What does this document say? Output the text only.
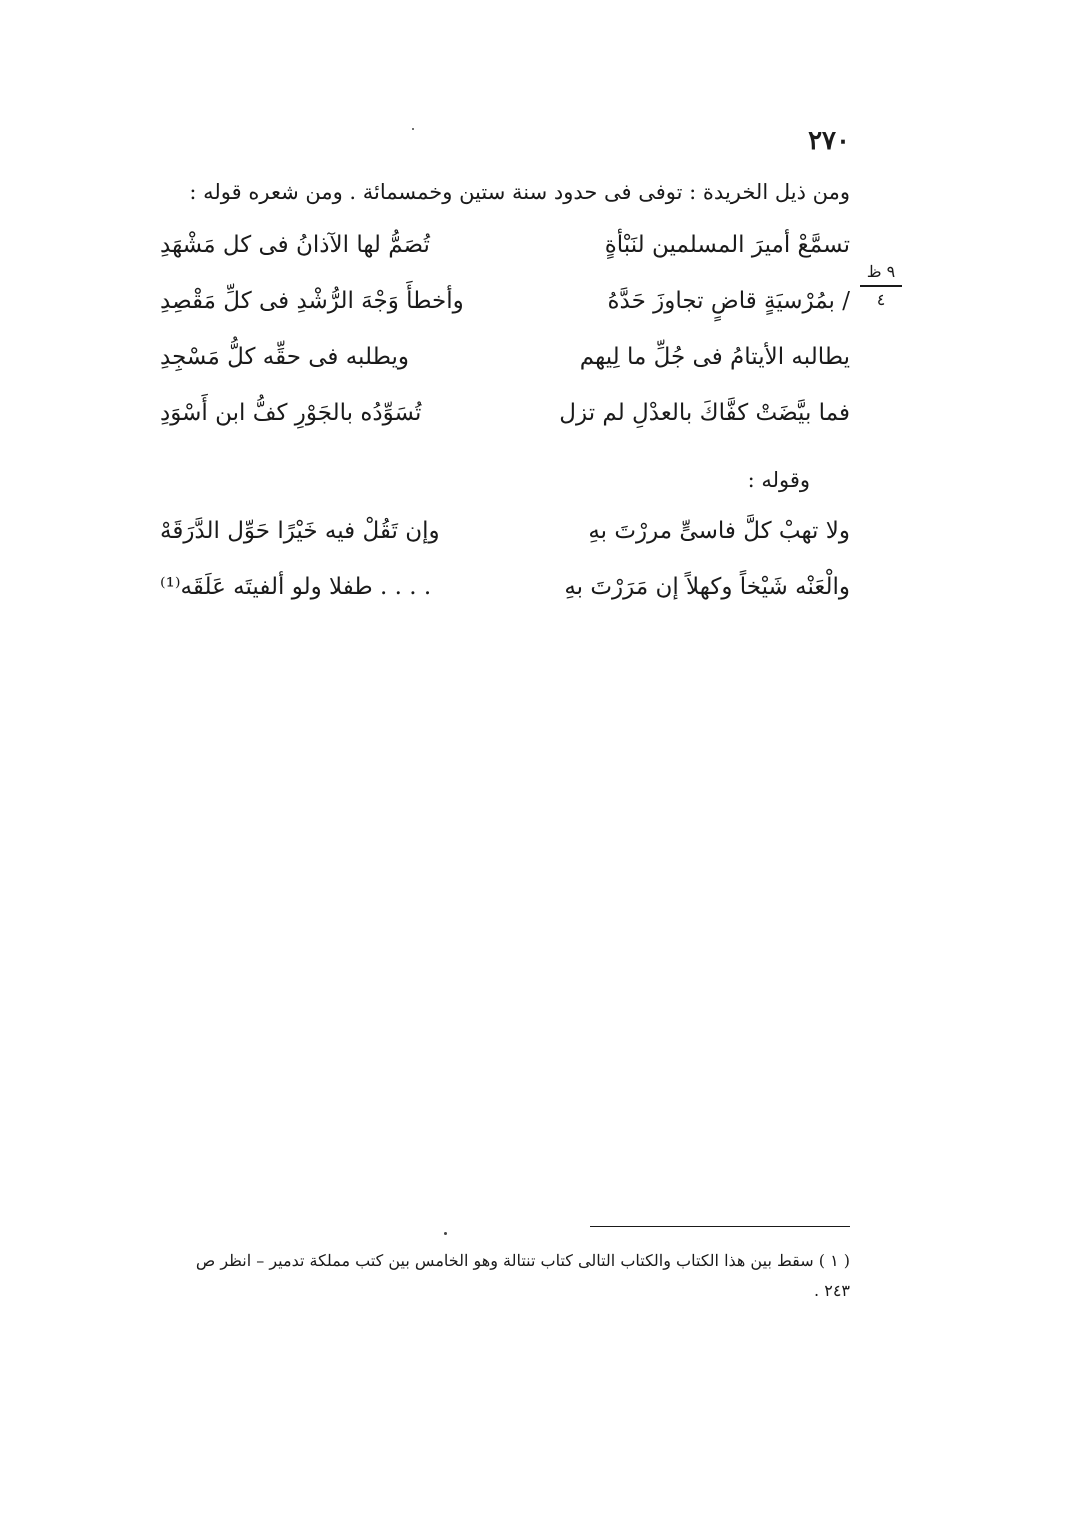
٢٧٠
ومن ذيل الخريدة : توفى فى حدود سنة ستين وخمسمائة . ومن شعره قوله :
٩ ظ
٤
تسمَّعْ أميرَ المسلمين لنَبْأةٍ
تُصَمُّ لها الآذانُ فى كل مَشْهَدِ
/ بمُرْسيَةٍ قاضٍ تجاوزَ حَدَّهُ
وأخطأَ وَجْهَ الرُّشْدِ فى كلِّ مَقْصِدِ
يطالبه الأيتامُ فى جُلِّ ما لِيهم
ويطلبه فى حقِّه كلُّ مَسْجِدِ
فما بيَّضَتْ كفَّاكَ بالعدْلِ لم تزل
تُسَوِّدُه بالجَوْرِ كفُّ ابن أَسْوَدِ
وقوله :
ولا تهبْ كلَّ فاسىٍّ مررْتَ بهِ
وإن تَقُلْ فيه خَيْرًا حَوِّل الدَّرَقَهْ
والْعَنْه شَيْخاً وكهلاً إن مَرَرْتَ بهِ
. . . . طفلا ولو ألفيتَه عَلَقَه⁽¹⁾
( ١ ) سقط بين هذا الكتاب والكتاب التالى كتاب تنتالة وهو الخامس بين كتب مملكة تدمير – انظر ص ٢٤٣ .
